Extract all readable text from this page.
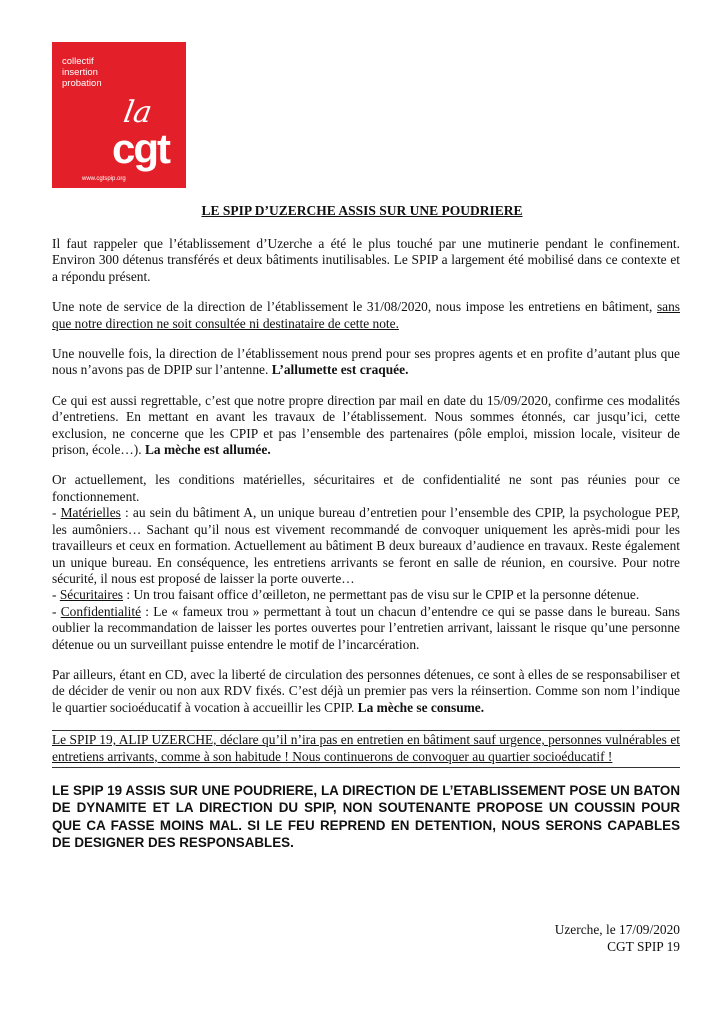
collectif
insertion
probation
la
cgt
www.cgtspip.org
LE SPIP D’UZERCHE ASSIS SUR UNE POUDRIERE

Il faut rappeler que l’établissement d’Uzerche a été le plus touché par une mutinerie pendant le confinement. Environ 300 détenus transférés et deux bâtiments inutilisables. Le SPIP a largement été mobilisé dans ce contexte et a répondu présent.

Une note de service de la direction de l’établissement le 31/08/2020, nous impose les entretiens en bâtiment, sans que notre direction ne soit consultée ni destinataire de cette note.

Une nouvelle fois, la direction de l’établissement nous prend pour ses propres agents et en profite d’autant plus que nous n’avons pas de DPIP sur l’antenne. L’allumette est craquée.

Ce qui est aussi regrettable, c’est que notre propre direction par mail en date du 15/09/2020, confirme ces modalités d’entretiens. En mettant en avant les travaux de l’établissement. Nous sommes étonnés, car jusqu’ici, cette exclusion, ne concerne que les CPIP et pas l’ensemble des partenaires (pôle emploi, mission locale, visiteur de prison, école…). La mèche est allumée.

Or actuellement, les conditions matérielles, sécuritaires et de confidentialité ne sont pas réunies pour ce fonctionnement.

- Matérielles : au sein du bâtiment A, un unique bureau d’entretien pour l’ensemble des CPIP, la psychologue PEP, les aumôniers… Sachant qu’il nous est vivement recommandé de convoquer uniquement les après-midi pour les travailleurs et ceux en formation. Actuellement au bâtiment B deux bureaux d’audience en travaux. Reste également un unique bureau. En conséquence, les entretiens arrivants se feront en salle de réunion, en coursive. Pour notre sécurité, il nous est proposé de laisser la porte ouverte…

- Sécuritaires : Un trou faisant office d’œilleton, ne permettant pas de visu sur le CPIP et la personne détenue.

- Confidentialité : Le « fameux trou » permettant à tout un chacun d’entendre ce qui se passe dans le bureau. Sans oublier la recommandation de laisser les portes ouvertes pour l’entretien arrivant, laissant le risque qu’une personne détenue ou un surveillant puisse entendre le motif de l’incarcération.

Par ailleurs, étant en CD, avec la liberté de circulation des personnes détenues, ce sont à elles de se responsabiliser et de décider de venir ou non aux RDV fixés. C’est déjà un premier pas vers la réinsertion. Comme son nom l’indique le quartier socioéducatif à vocation à accueillir les CPIP. La mèche se consume.

Le SPIP 19, ALIP UZERCHE, déclare qu’il n’ira pas en entretien en bâtiment sauf urgence, personnes vulnérables et entretiens arrivants, comme à son habitude ! Nous continuerons de convoquer au quartier socioéducatif !

LE SPIP 19 ASSIS SUR UNE POUDRIERE, LA DIRECTION DE L’ETABLISSEMENT POSE UN BATON DE DYNAMITE ET LA DIRECTION DU SPIP, NON SOUTENANTE PROPOSE UN COUSSIN POUR QUE CA FASSE MOINS MAL. SI LE FEU REPREND EN DETENTION, NOUS SERONS CAPABLES DE DESIGNER DES RESPONSABLES.

Uzerche, le 17/09/2020
CGT SPIP 19
